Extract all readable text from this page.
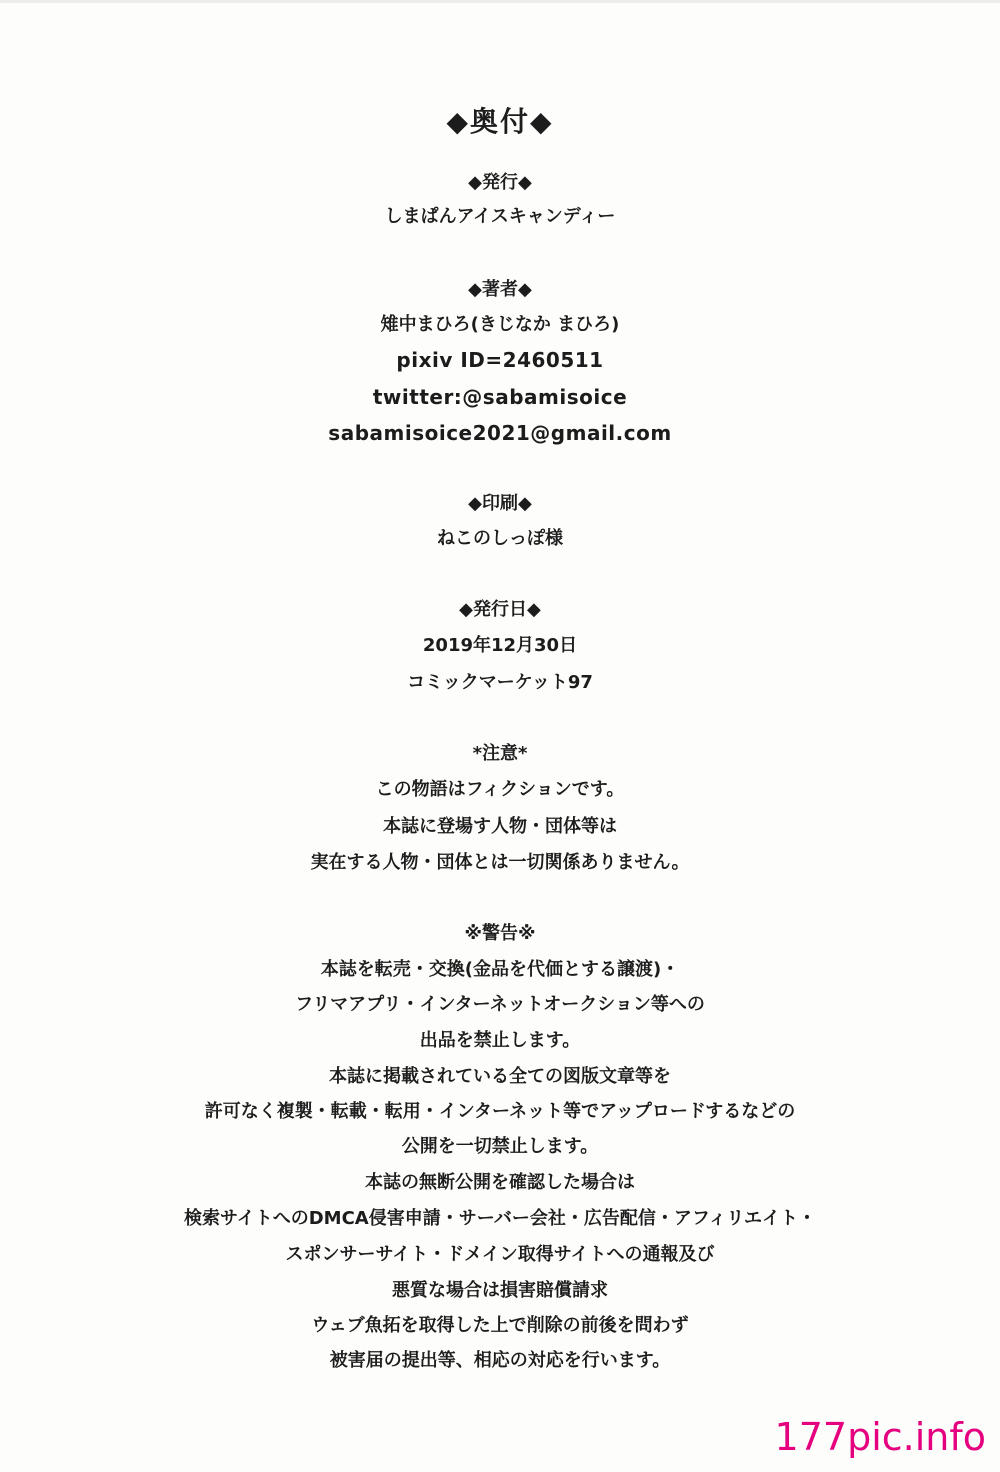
◆奥付◆
◆発行◆
しまぱんアイスキャンディー
◆著者◆
雉中まひろ(きじなか まひろ)
pixiv ID=2460511
twitter:@sabamisoice
sabamisoice2021@gmail.com
◆印刷◆
ねこのしっぽ様
◆発行日◆
2019年12月30日
コミックマーケット97
*注意*
この物語はフィクションです。
本誌に登場す人物・団体等は
実在する人物・団体とは一切関係ありません。
※警告※
本誌を転売・交換(金品を代価とする譲渡)・
フリマアプリ・インターネットオークション等への
出品を禁止します。
本誌に掲載されている全ての図版文章等を
許可なく複製・転載・転用・インターネット等でアップロードするなどの
公開を一切禁止します。
本誌の無断公開を確認した場合は
検索サイトへのDMCA侵害申請・サーバー会社・広告配信・アフィリエイト・
スポンサーサイト・ドメイン取得サイトへの通報及び
悪質な場合は損害賠償請求
ウェブ魚拓を取得した上で削除の前後を問わず
被害届の提出等、相応の対応を行います。
177pic.info
